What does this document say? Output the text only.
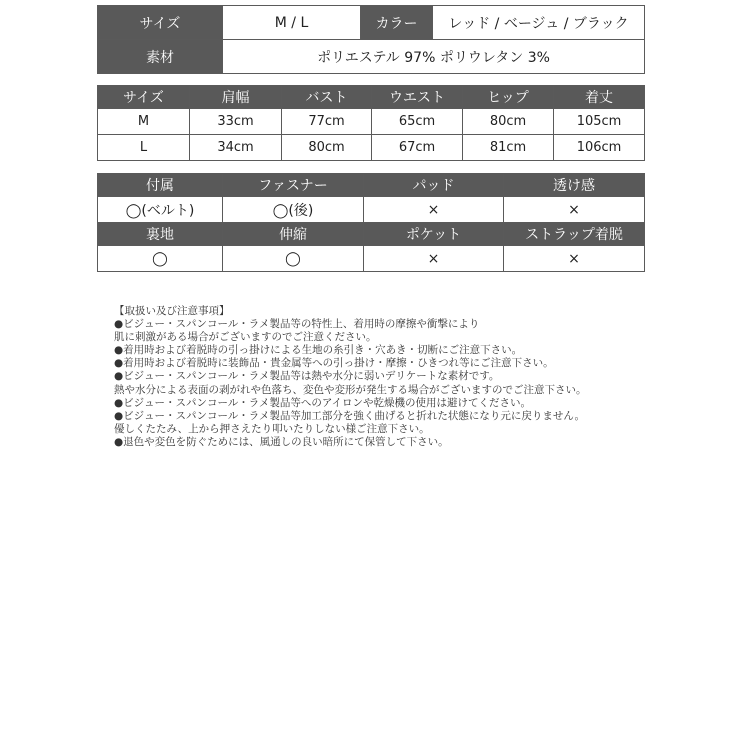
サイズ	M / L	カラー	レッド / ベージュ / ブラック
素材	ポリエステル 97% ポリウレタン 3%		
サイズ	肩幅	バスト	ウエスト	ヒップ	着丈
M	33cm	77cm	65cm	80cm	105cm
L	34cm	80cm	67cm	81cm	106cm
付属	ファスナー	パッド	透け感
◯(ベルト)	◯(後)	×	×
裏地	伸縮	ポケット	ストラップ着脱
◯	◯	×	×
【取扱い及び注意事項】
●ビジュー・スパンコール・ラメ製品等の特性上、着用時の摩擦や衝撃により
肌に刺激がある場合がございますのでご注意ください。
●着用時および着脱時の引っ掛けによる生地の糸引き・穴あき・切断にご注意下さい。
●着用時および着脱時に装飾品・貴金属等への引っ掛け・摩擦・ひきつれ等にご注意下さい。
●ビジュー・スパンコール・ラメ製品等は熱や水分に弱いデリケートな素材です。
熱や水分による表面の剥がれや色落ち、変色や変形が発生する場合がございますのでご注意下さい。
●ビジュー・スパンコール・ラメ製品等へのアイロンや乾燥機の使用は避けてください。
●ビジュー・スパンコール・ラメ製品等加工部分を強く曲げると折れた状態になり元に戻りません。
優しくたたみ、上から押さえたり叩いたりしない様ご注意下さい。
●退色や変色を防ぐためには、風通しの良い暗所にて保管して下さい。
